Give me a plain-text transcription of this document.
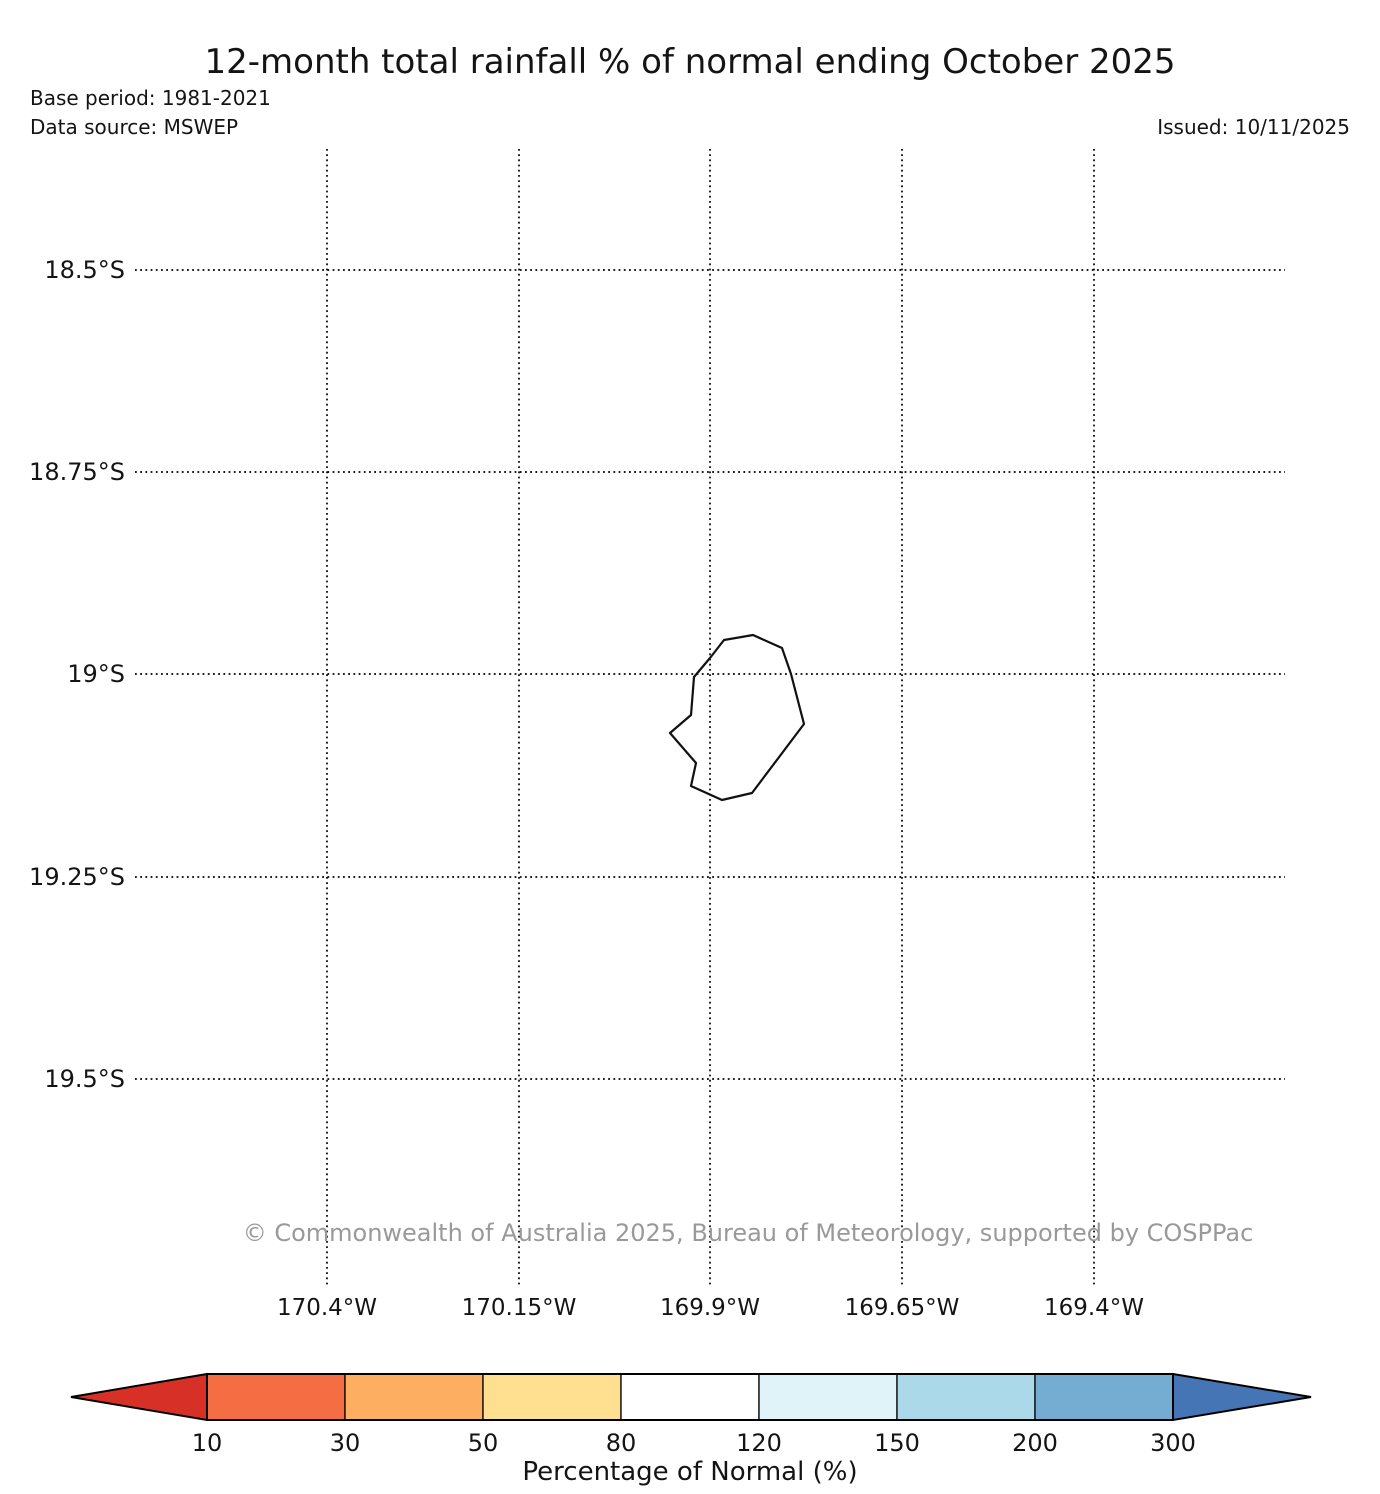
12-month total rainfall % of normal ending October 2025
Base period: 1981-2021
Data source: MSWEP	Issued: 10/11/2025
18.5°S
18.75°S
19°S
19.25°S
19.5°S
170.4°W	170.15°W	169.9°W	169.65°W	169.4°W
© Commonwealth of Australia 2025, Bureau of Meteorology, supported by COSPPac
10	30	50	80	120	150	200	300
Percentage of Normal (%)
